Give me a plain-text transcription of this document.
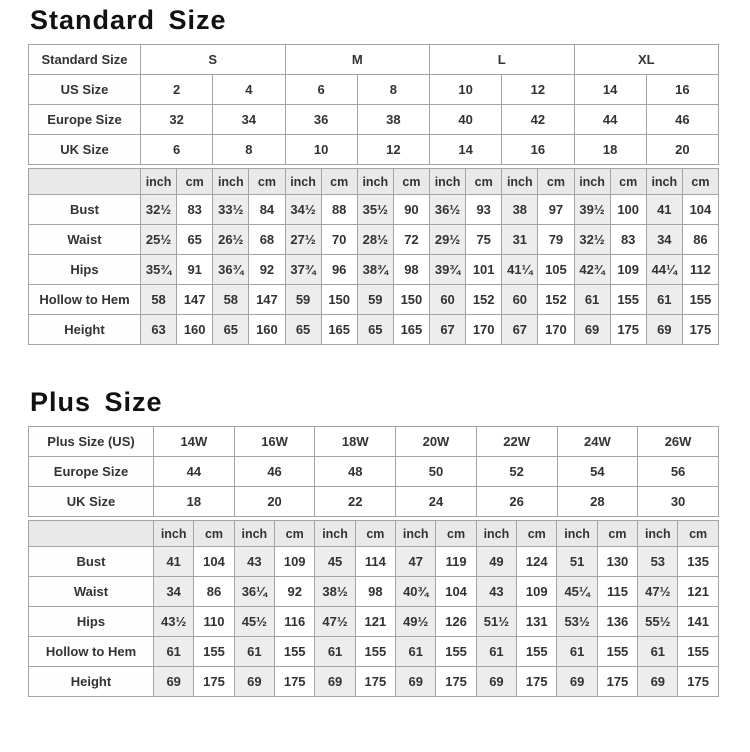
Standard Size
Standard Size	S		M		L		XL	
US Size	2	4	6	8	10	12	14	16
Europe Size	32	34	36	38	40	42	44	46
UK Size	6	8	10	12	14	16	18	20
	inch	cm	inch	cm	inch	cm	inch	cm	inch	cm	inch	cm	inch	cm	inch	cm
Bust	32½	83	33½	84	34½	88	35½	90	36½	93	38	97	39½	100	41	104
Waist	25½	65	26½	68	27½	70	28½	72	29½	75	31	79	32½	83	34	86
Hips	35¾	91	36¾	92	37¾	96	38¾	98	39¾	101	41¼	105	42¾	109	44¼	112
Hollow to Hem	58	147	58	147	59	150	59	150	60	152	60	152	61	155	61	155
Height	63	160	65	160	65	165	65	165	67	170	67	170	69	175	69	175
Plus Size
Plus Size (US)	14W	16W	18W	20W	22W	24W	26W
Europe Size	44	46	48	50	52	54	56
UK Size	18	20	22	24	26	28	30
	inch	cm	inch	cm	inch	cm	inch	cm	inch	cm	inch	cm	inch	cm
Bust	41	104	43	109	45	114	47	119	49	124	51	130	53	135
Waist	34	86	36¼	92	38½	98	40¾	104	43	109	45¼	115	47½	121
Hips	43½	110	45½	116	47½	121	49½	126	51½	131	53½	136	55½	141
Hollow to Hem	61	155	61	155	61	155	61	155	61	155	61	155	61	155
Height	69	175	69	175	69	175	69	175	69	175	69	175	69	175
